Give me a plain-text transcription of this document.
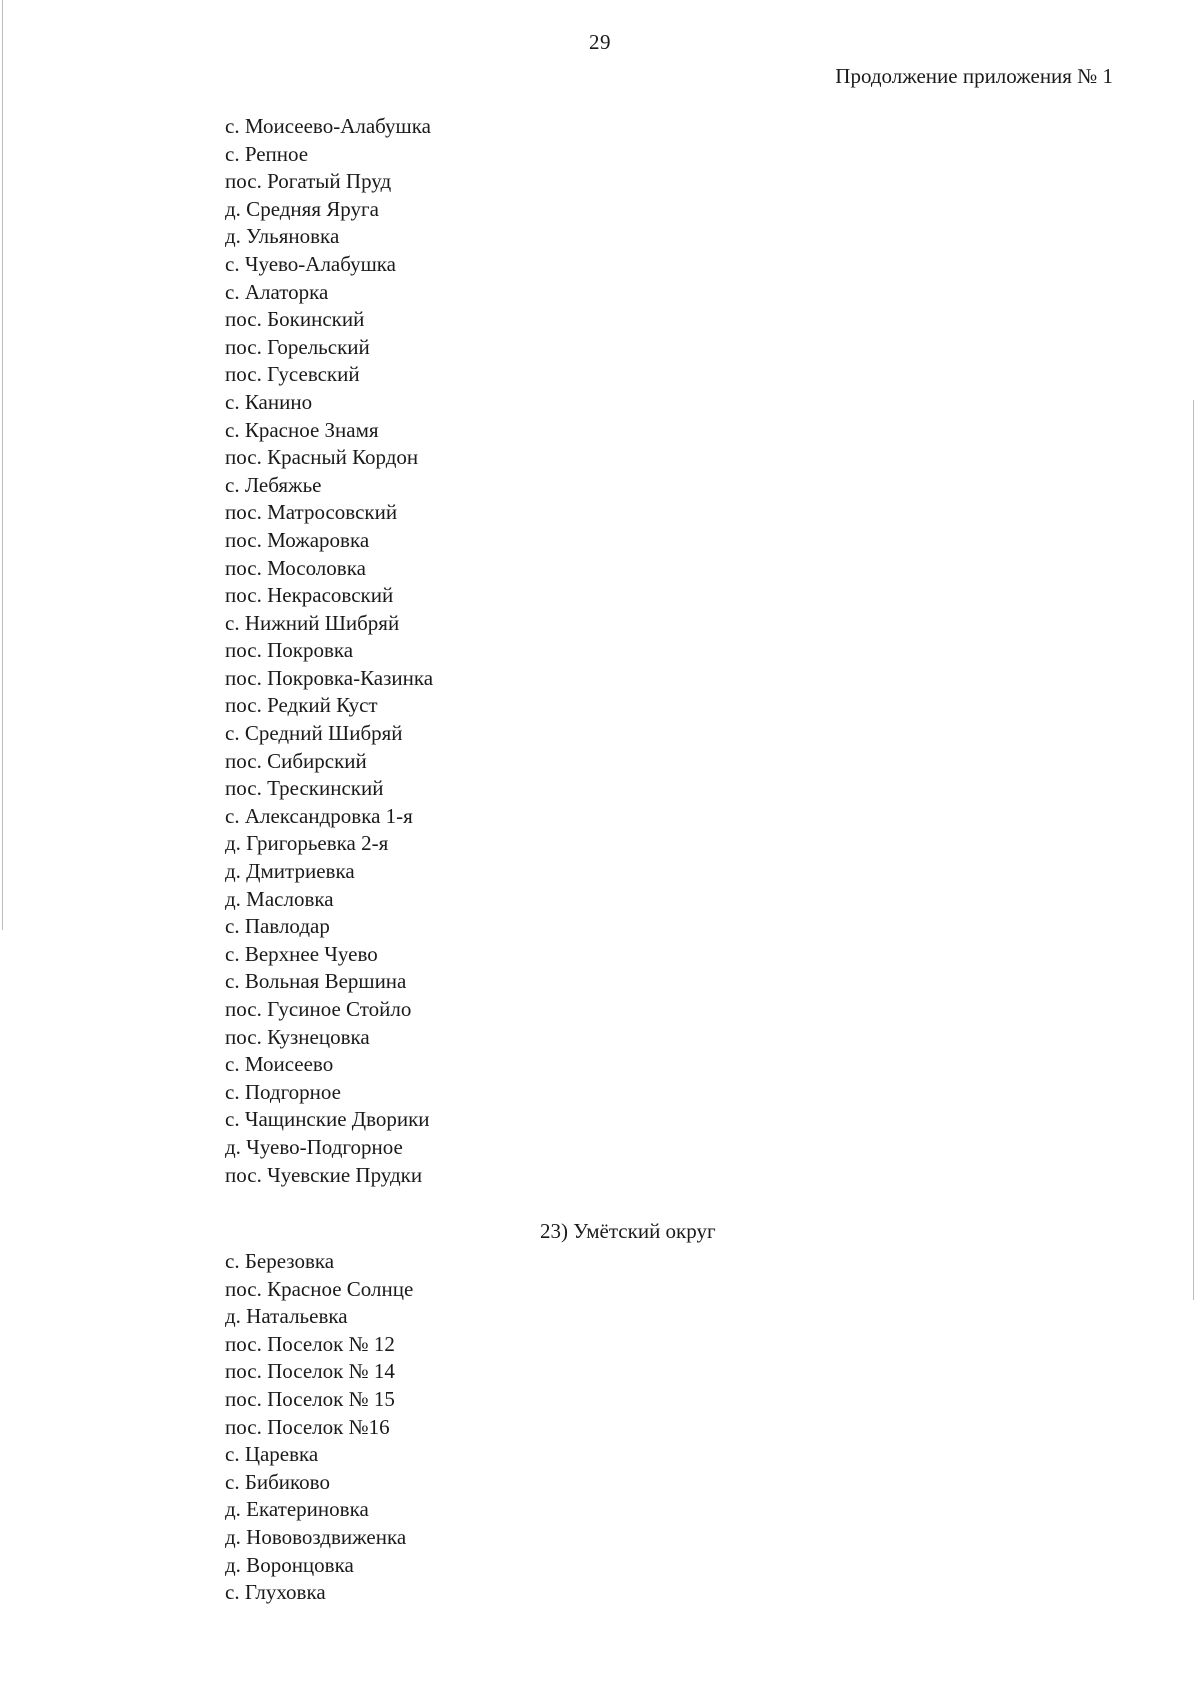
29
Продолжение приложения № 1
с. Моисеево-Алабушка
с. Репное
пос. Рогатый Пруд
д. Средняя Яруга
д. Ульяновка
с. Чуево-Алабушка
с. Алаторка
пос. Бокинский
пос. Горельский
пос. Гусевский
с. Канино
с. Красное Знамя
пос. Красный Кордон
с. Лебяжье
пос. Матросовский
пос. Можаровка
пос. Мосоловка
пос. Некрасовский
с. Нижний Шибряй
пос. Покровка
пос. Покровка-Казинка
пос. Редкий Куст
с. Средний Шибряй
пос. Сибирский
пос. Трескинский
с. Александровка 1-я
д. Григорьевка 2-я
д. Дмитриевка
д. Масловка
с. Павлодар
с. Верхнее Чуево
с. Вольная Вершина
пос. Гусиное Стойло
пос. Кузнецовка
с. Моисеево
с. Подгорное
с. Чащинские Дворики
д. Чуево-Подгорное
пос. Чуевские Прудки
23) Умётский округ
с. Березовка
пос. Красное Солнце
д. Натальевка
пос. Поселок № 12
пос. Поселок № 14
пос. Поселок № 15
пос. Поселок №16
с. Царевка
с. Бибиково
д. Екатериновка
д. Нововоздвиженка
д. Воронцовка
с. Глуховка
